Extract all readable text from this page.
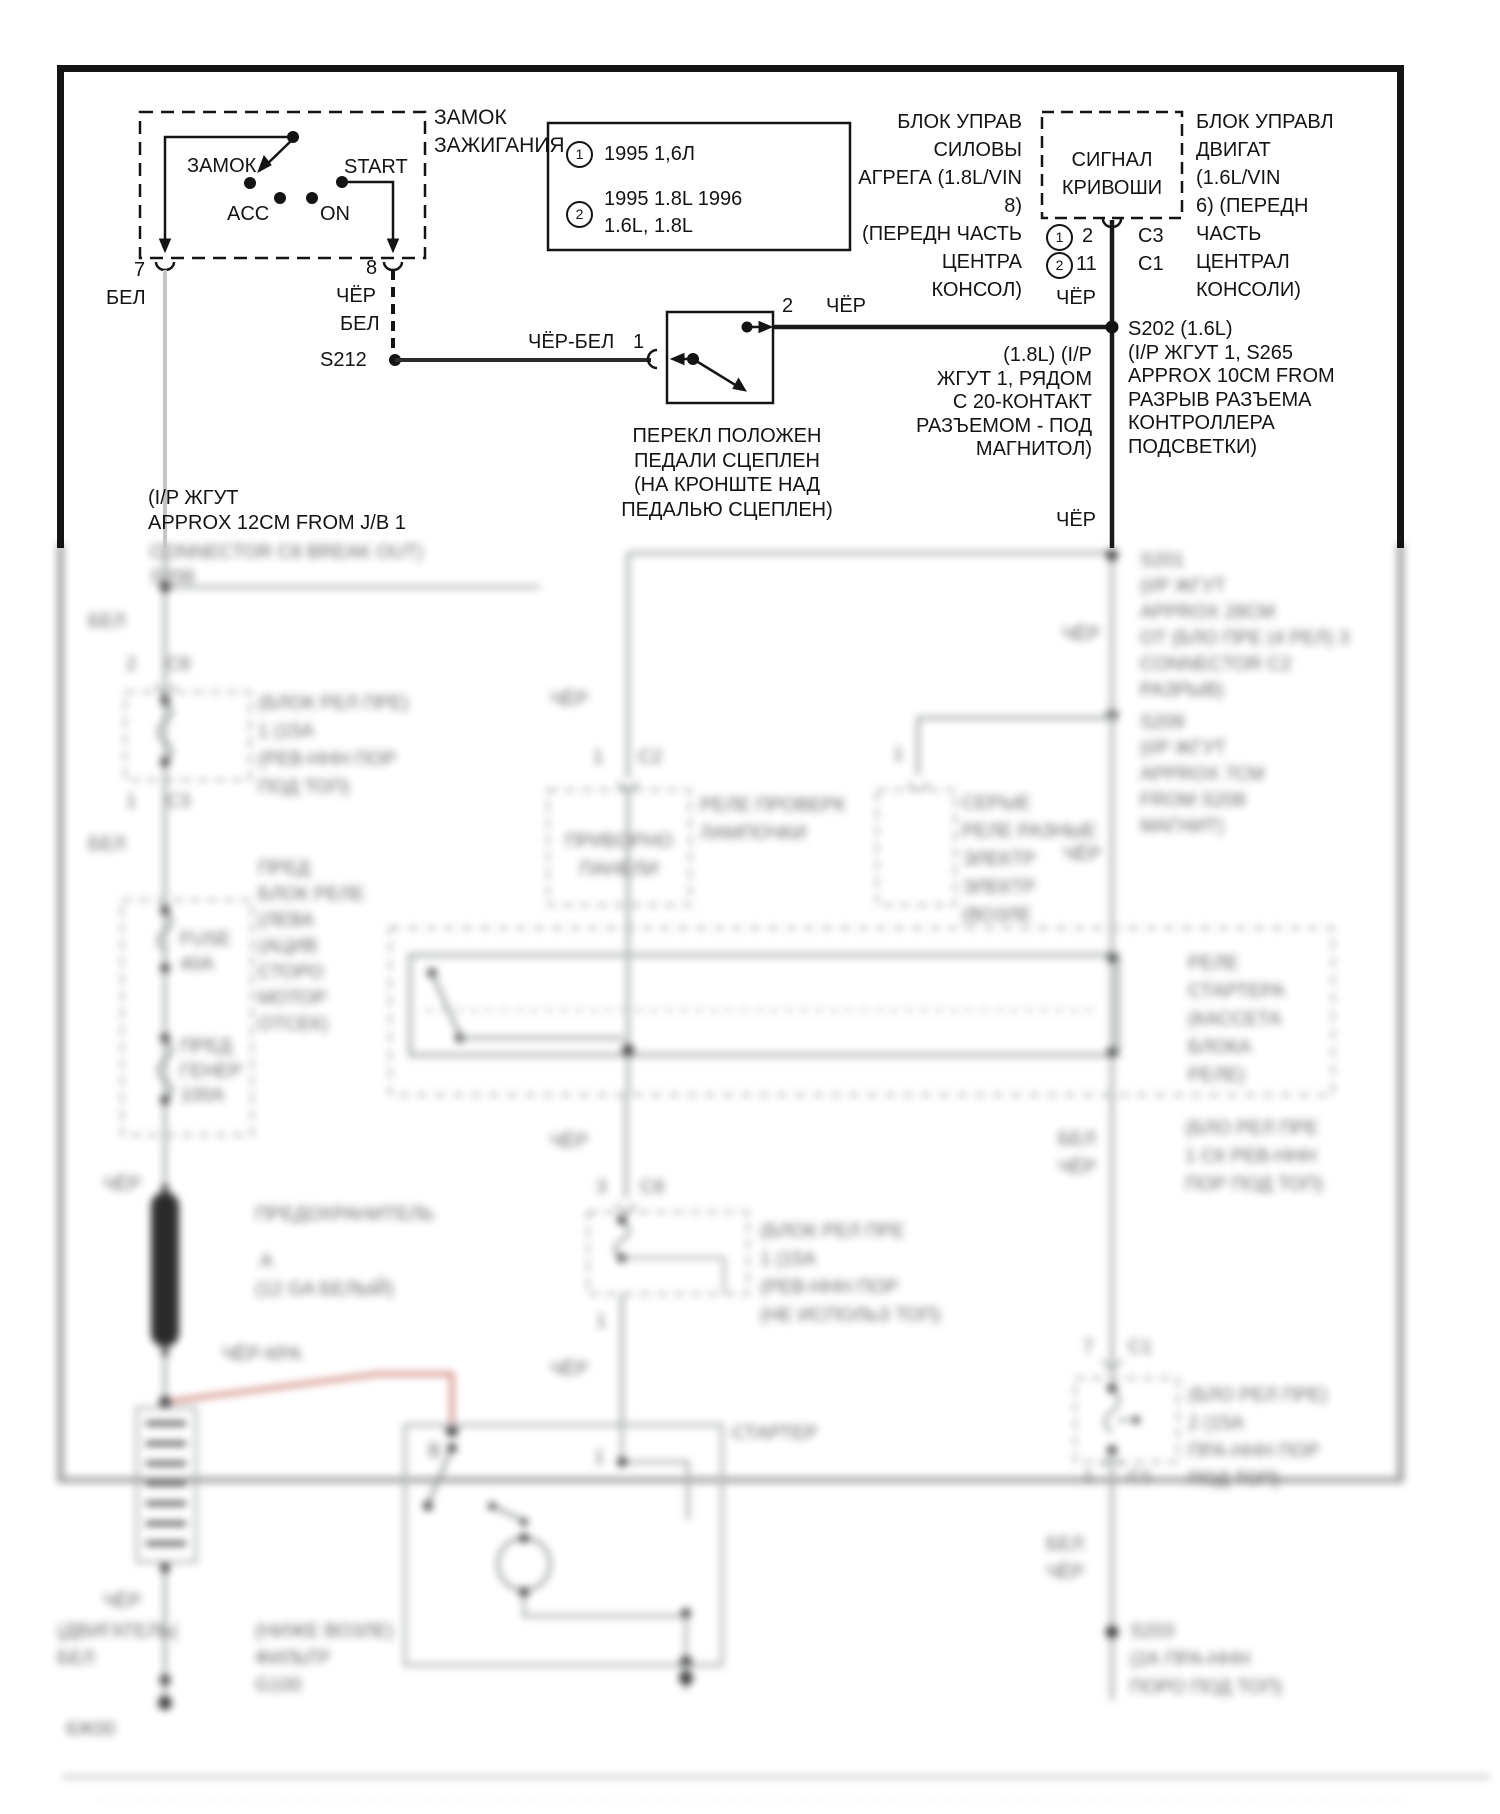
CONNECTOR C8 BREAK OUT)
S208
БЕЛ
2 C8
(БЛОК РЕЛ ПРЕ)
1 (15А
(РЕВ-ННН ПОР
ПОД ТОП)
1 C3
БЕЛ
ПРЕД
БЛОК РЕЛЕ
(ЛЕВА
(АЦИВ
СТОРО
МОТОР
ОТСЕК)
FUSE
40А
ПРЕД
ГЕНЕР
100А
ЧЁР
ПРЕДОХРАНИТЕЛЬ
A
(12 GA БЕЛЫЙ)
ЧЁР-КРА
ЧЁР
(ДВИГАТЕЛЬ(
БЕЛ
(НИЖЕ ВОЗЛЕ)
ФИЛЬТР
G100
6Ж00
ЧЁР
1 C2
ПРИБОРНО
ПАНЕЛИ
РЕЛЕ ПРОВЕРК
ЛАМПОЧКИ
1
СЕРЫЕ
РЕЛЕ РАЗНЫЕ
ЭЛЕКТР
ЭЛЕКТР
(ВОЗЛЕ
ЧЁР
ЧЁР
3 C8
(БЛОК РЕЛ ПРЕ
1 (15А
(РЕВ-ННН ПОР
(НЕ ИСПОЛЬЗ ТОП)
1
ЧЁР
S201
(I/P ЖГУТ
APPROX 28СМ
ОТ (БЛО ПРЕ (4 РЕЛ) 3
CONNECTOR C2
РАЗРЫВ)
ЧЁР
S209
(I/P ЖГУТ
APPROX 7СМ
FROM S208
МАГНИТ)
РЕЛЕ
СТАРТЕРА
(КАССЕТА
БЛОКА
РЕЛЕ)
(БЛО РЕЛ ПРЕ
1 СК РЕВ-ННН
ПОР ПОД ТОП)
БЕЛ
ЧЁР
7 C1
(БЛО РЕЛ ПРЕ)
2 (15А
ПРА-ННН ПОР
ПОД ТОП)
1 C1
БЕЛ
ЧЁР
S203
(2А ПРА-ННН
ПОРО ПОД ТОП)
СТАРТЕР
В	1
ЗАМОК
ЗАЖИГАНИЯ
ЗАМОК	START
ACC	ON
7	8
БЕЛ	ЧЁР
БЕЛ
S212
1	1995 1,6Л
2
1995 1.8L 1996
1.6L, 1.8L
ЧЁР-БЕЛ 1
2 ЧЁР
ПЕРЕКЛ ПОЛОЖЕН
ПЕДАЛИ СЦЕПЛЕН
(НА КРОНШТЕ НАД
ПЕДАЛЬЮ СЦЕПЛЕН)
БЛОК УПРАВ
СИЛОВЫ
АГРЕГА (1.8L/VIN
8)
(ПЕРЕДН ЧАСТЬ
ЦЕНТРА
КОНСОЛ)
СИГНАЛ
КРИВОШИ
1 2 C3
2 11 C1
ЧЁР
БЛОК УПРАВЛ
ДВИГАТ
(1.6L/VIN
6) (ПЕРЕДН
ЧАСТЬ
ЦЕНТРАЛ
КОНСОЛИ)
S202 (1.6L)
(I/P ЖГУТ 1, S265
APPROX 10CM FROM
РАЗРЫВ РАЗЪЕМА
КОНТРОЛЛЕРА
ПОДСВЕТКИ)
(1.8L) (I/P
ЖГУТ 1, РЯДОМ
С 20-КОНТАКТ
РАЗЪЕМОМ - ПОД
МАГНИТОЛ)
ЧЁР
(I/P ЖГУТ
APPROX 12CM FROM J/B 1
